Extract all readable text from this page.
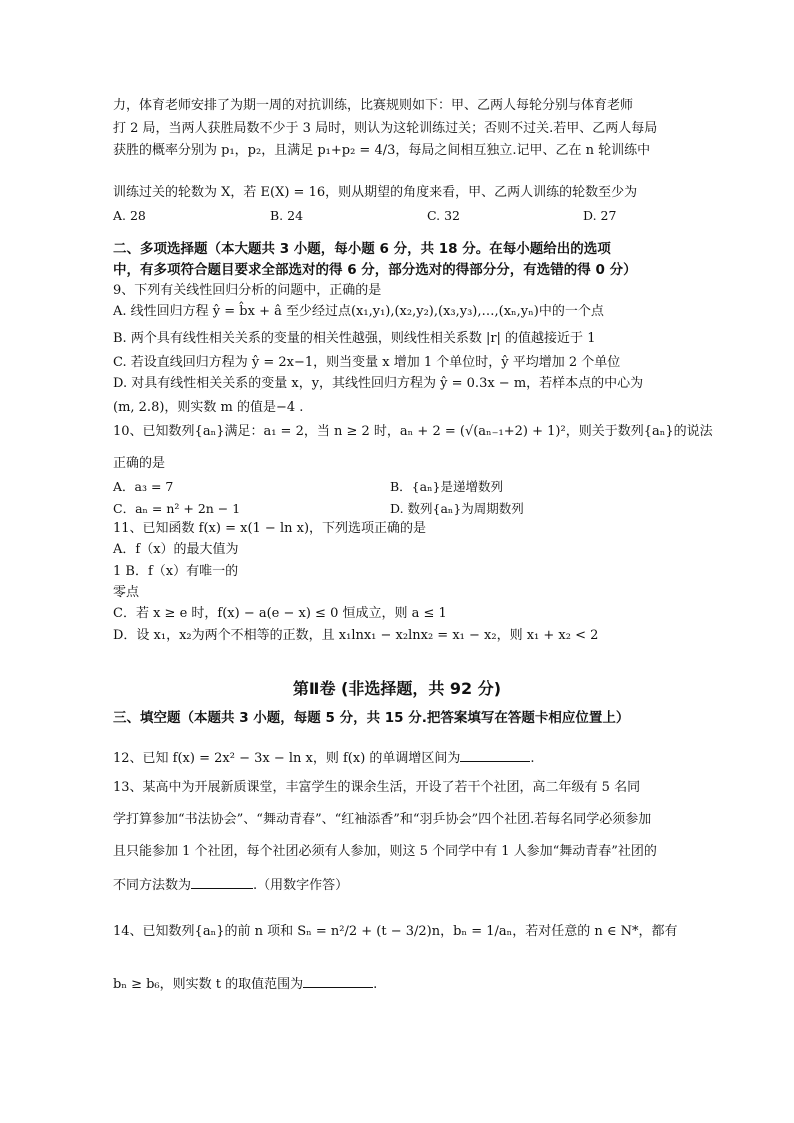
力，体育老师安排了为期一周的对抗训练，比赛规则如下：甲、乙两人每轮分别与体育老师
打 2 局，当两人获胜局数不少于 3 局时，则认为这轮训练过关；否则不过关.若甲、乙两人每局
获胜的概率分别为 p₁，p₂，且满足 p₁+p₂ = 4/3，每局之间相互独立.记甲、乙在 n 轮训练中
训练过关的轮数为 X，若 E(X) = 16，则从期望的角度来看，甲、乙两人训练的轮数至少为
A. 28	B. 24	C. 32	D. 27
二、多项选择题（本大题共 3 小题，每小题 6 分，共 18 分。在每小题给出的选项
中，有多项符合题目要求全部选对的得 6 分，部分选对的得部分分，有选错的得 0 分）
9、下列有关线性回归分析的问题中，正确的是
A. 线性回归方程 ŷ = b̂x + â 至少经过点(x₁,y₁),(x₂,y₂),(x₃,y₃),…,(xₙ,yₙ)中的一个点
B. 两个具有线性相关关系的变量的相关性越强，则线性相关系数 |r| 的值越接近于 1
C. 若设直线回归方程为 ŷ = 2x−1，则当变量 x 增加 1 个单位时，ŷ 平均增加 2 个单位
D. 对具有线性相关关系的变量 x，y，其线性回归方程为 ŷ = 0.3x − m，若样本点的中心为
(m, 2.8)，则实数 m 的值是−4 .
10、已知数列{aₙ}满足：a₁ = 2，当 n ≥ 2 时，aₙ + 2 = (√(aₙ₋₁+2) + 1)²，则关于数列{aₙ}的说法
正确的是
A．a₃ = 7	B．{aₙ}是递增数列
C．aₙ = n² + 2n − 1	D. 数列{aₙ}为周期数列
11、已知函数 f(x) = x(1 − ln x)，下列选项正确的是
A．f（x）的最大值为
1 B．f（x）有唯一的
零点
C．若 x ≥ e 时，f(x) − a(e − x) ≤ 0 恒成立，则 a ≤ 1
D．设 x₁，x₂为两个不相等的正数，且 x₁lnx₁ − x₂lnx₂ = x₁ − x₂，则 x₁ + x₂ < 2
第Ⅱ卷 (非选择题，共 92 分)
三、填空题（本题共 3 小题，每题 5 分，共 15 分.把答案填写在答题卡相应位置上）
12、已知 f(x) = 2x² − 3x − ln x，则 f(x) 的单调增区间为	.
13、某高中为开展新质课堂，丰富学生的课余生活，开设了若干个社团，高二年级有 5 名同
学打算参加“书法协会”、“舞动青春”、“红袖添香”和“羽乒协会”四个社团.若每名同学必须参加
且只能参加 1 个社团，每个社团必须有人参加，则这 5 个同学中有 1 人参加“舞动青春”社团的
不同方法数为	.（用数字作答）
14、已知数列{aₙ}的前 n 项和 Sₙ = n²/2 + (t − 3/2)n，bₙ = 1/aₙ，若对任意的 n ∈ N*，都有
bₙ ≥ b₆，则实数 t 的取值范围为	.
